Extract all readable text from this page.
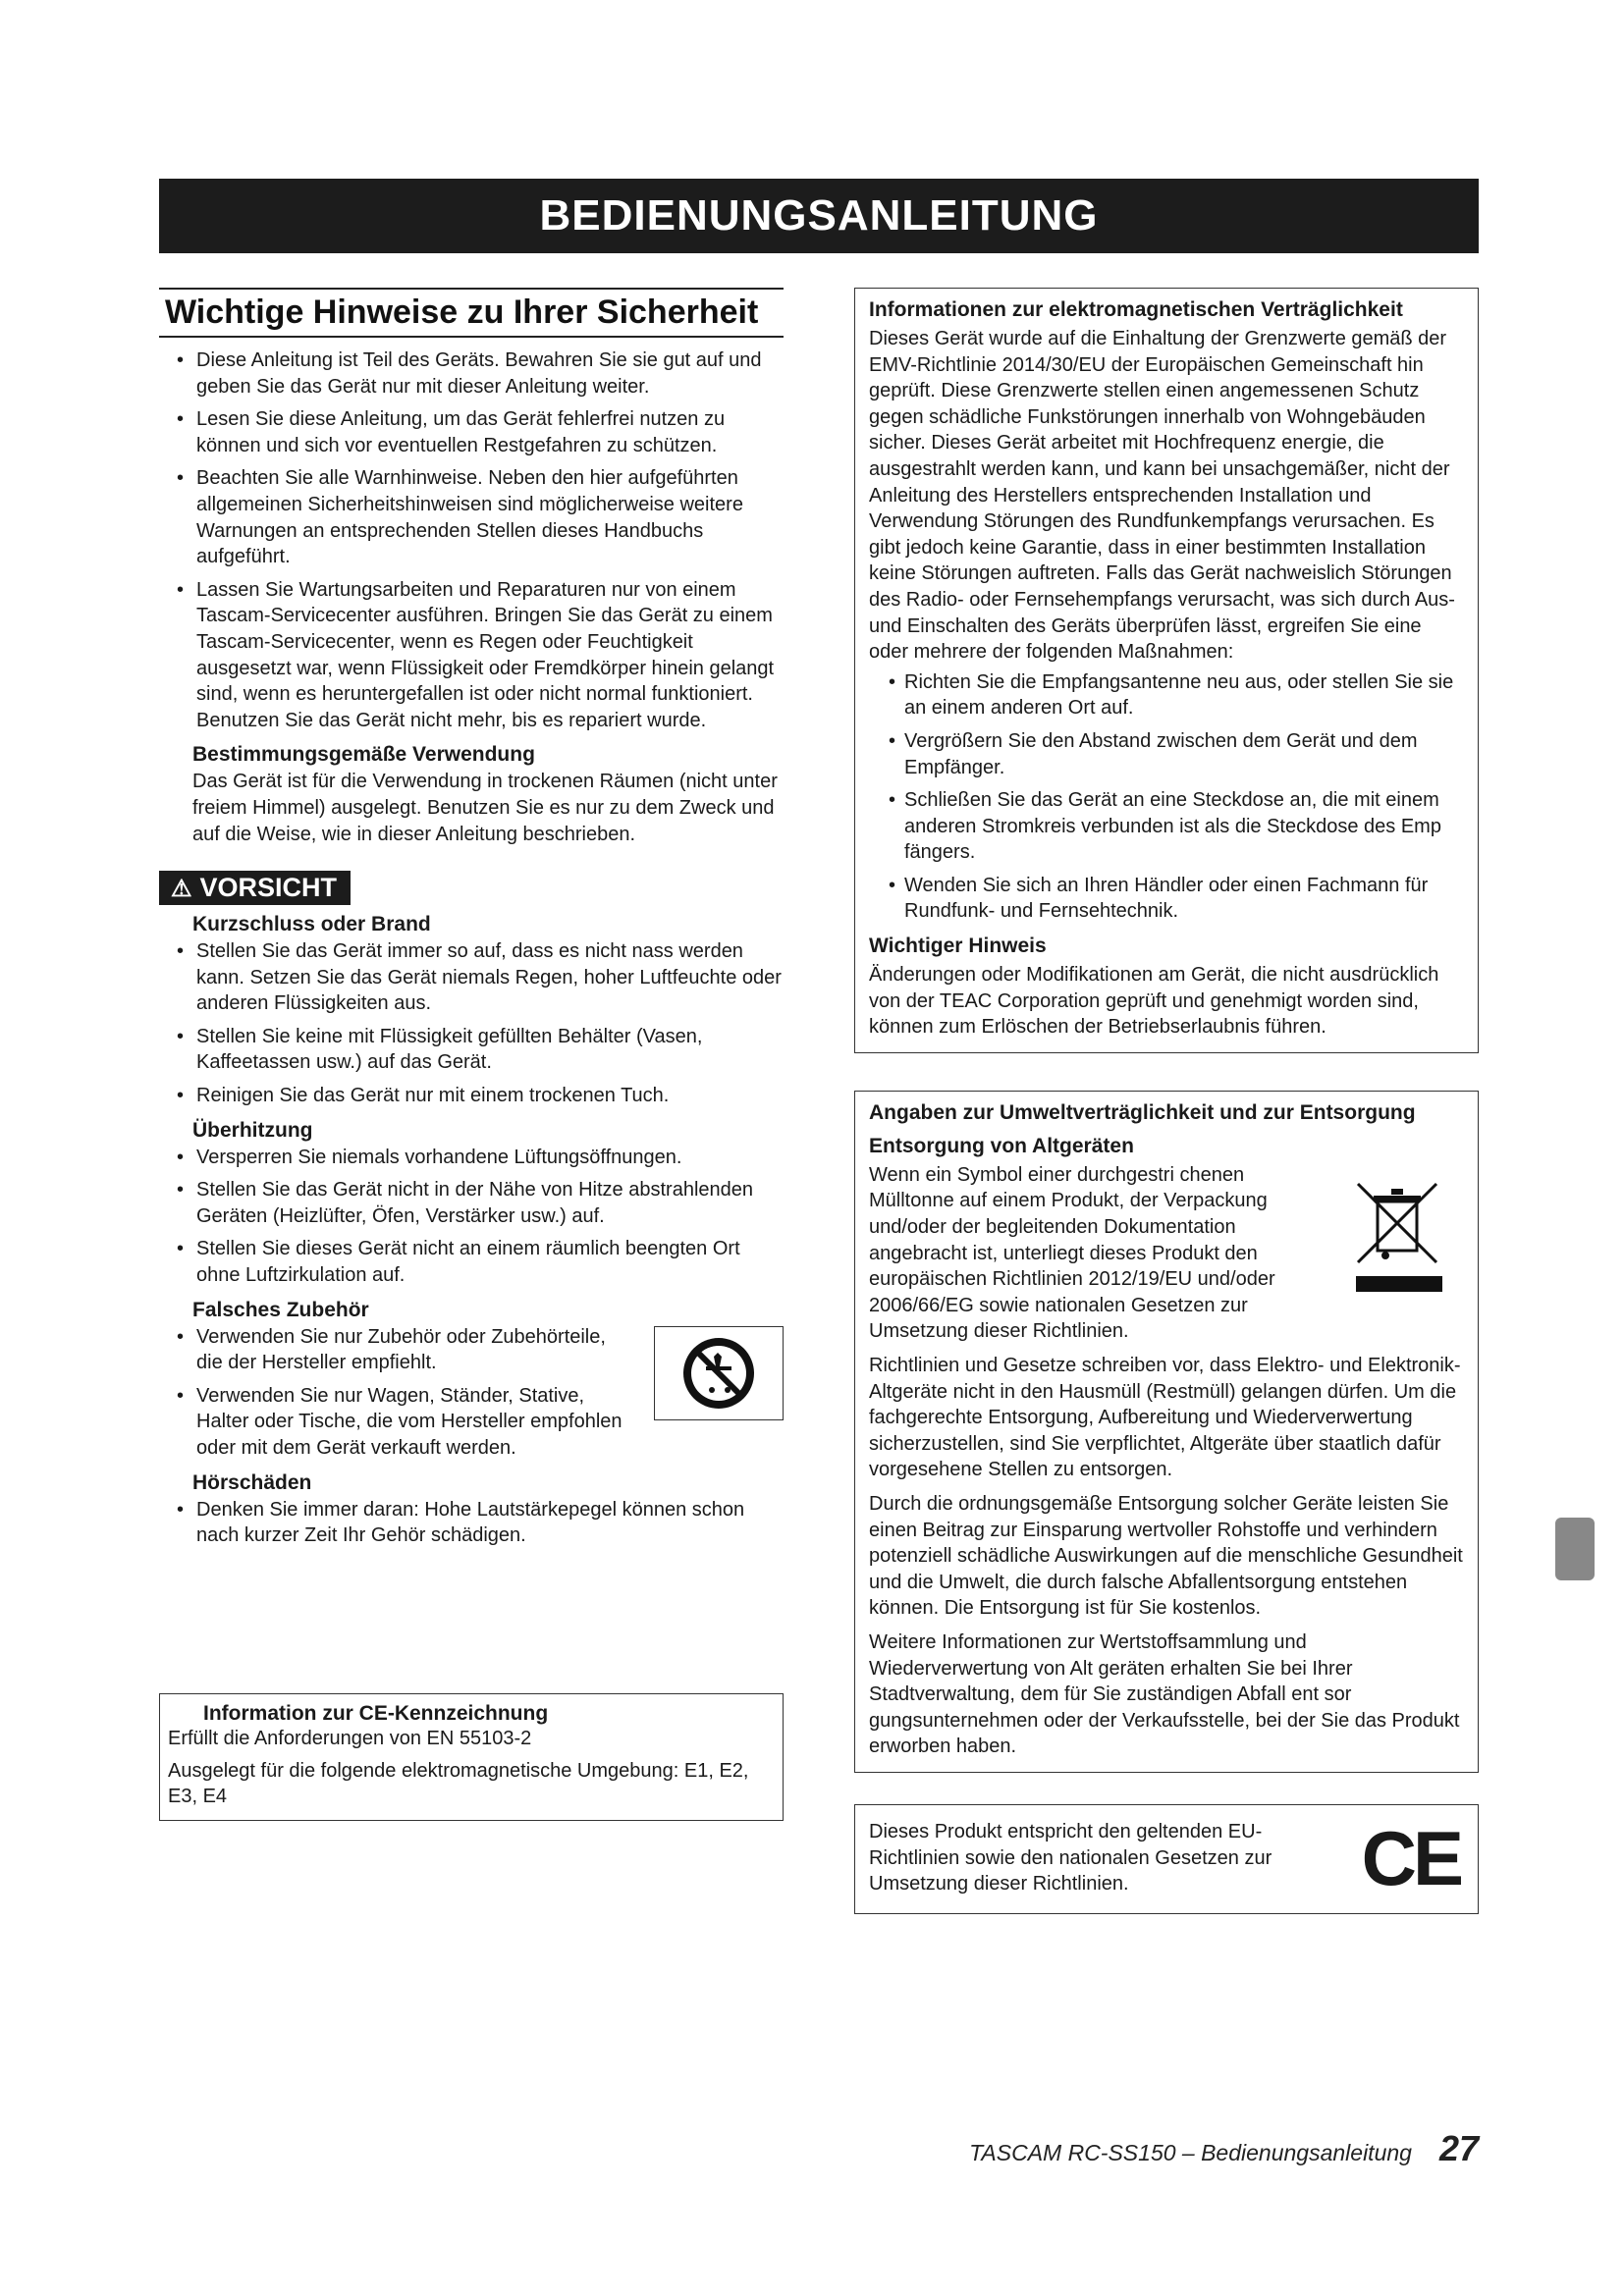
BEDIENUNGSANLEITUNG
Wichtige Hinweise zu Ihrer Sicherheit
• Diese Anleitung ist Teil des Geräts. Bewahren Sie sie gut auf und geben Sie das Gerät nur mit dieser Anleitung weiter.
• Lesen Sie diese Anleitung, um das Gerät fehlerfrei nutzen zu können und sich vor eventuellen Restgefahren zu schützen.
• Beachten Sie alle Warnhinweise. Neben den hier aufgeführten allgemeinen Sicherheitshinweisen sind möglicherweise weitere Warnungen an entsprechenden Stellen dieses Handbuchs aufgeführt.
• Lassen Sie Wartungsarbeiten und Reparaturen nur von einem Tascam-Servicecenter ausführen. Bringen Sie das Gerät zu einem Tascam-Servicecenter, wenn es Regen oder Feuchtigkeit ausgesetzt war, wenn Flüssigkeit oder Fremdkörper hinein gelangt sind, wenn es heruntergefallen ist oder nicht normal funktioniert. Benutzen Sie das Gerät nicht mehr, bis es repariert wurde.
Bestimmungsgemäße Verwendung
Das Gerät ist für die Verwendung in trockenen Räumen (nicht unter freiem Himmel) ausgelegt. Benutzen Sie es nur zu dem Zweck und auf die Weise, wie in dieser Anleitung beschrieben.
⚠ VORSICHT
Kurzschluss oder Brand
• Stellen Sie das Gerät immer so auf, dass es nicht nass werden kann. Setzen Sie das Gerät niemals Regen, hoher Luftfeuchte oder anderen Flüssigkeiten aus.
• Stellen Sie keine mit Flüssigkeit gefüllten Behälter (Vasen, Kaffeetassen usw.) auf das Gerät.
• Reinigen Sie das Gerät nur mit einem trockenen Tuch.
Überhitzung
• Versperren Sie niemals vorhandene Lüftungsöffnungen.
• Stellen Sie das Gerät nicht in der Nähe von Hitze abstrahlenden Geräten (Heizlüfter, Öfen, Verstärker usw.) auf.
• Stellen Sie dieses Gerät nicht an einem räumlich beengten Ort ohne Luftzirkulation auf.
Falsches Zubehör
• Verwenden Sie nur Zubehör oder Zubehörteile, die der Hersteller empfiehlt.
• Verwenden Sie nur Wagen, Ständer, Stative, Halter oder Tische, die vom Hersteller empfohlen oder mit dem Gerät verkauft werden.
Hörschäden
• Denken Sie immer daran: Hohe Lautstärkepegel können schon nach kurzer Zeit Ihr Gehör schädigen.
Information zur CE-Kennzeichnung
Erfüllt die Anforderungen von EN 55103-2
Ausgelegt für die folgende elektromagnetische Umgebung: E1, E2, E3, E4
Informationen zur elektromagnetischen Verträglichkeit
Dieses Gerät wurde auf die Einhaltung der Grenzwerte gemäß der EMV-Richtlinie 2014/30/EU der Europäischen Gemeinschaft hin geprüft. Diese Grenzwerte stellen einen angemessenen Schutz gegen schädliche Funkstörungen innerhalb von Wohngebäuden sicher. Dieses Gerät arbeitet mit Hochfrequenz energie, die ausgestrahlt werden kann, und kann bei unsachgemäßer, nicht der Anleitung des Herstellers entsprechenden Installation und Verwendung Störungen des Rundfunkempfangs verursachen. Es gibt jedoch keine Garantie, dass in einer bestimmten Installation keine Störungen auftreten. Falls das Gerät nachweislich Störungen des Radio- oder Fernsehempfangs verursacht, was sich durch Aus- und Einschalten des Geräts überprüfen lässt, ergreifen Sie eine oder mehrere der folgenden Maßnahmen:
• Richten Sie die Empfangsantenne neu aus, oder stellen Sie sie an einem anderen Ort auf.
• Vergrößern Sie den Abstand zwischen dem Gerät und dem Empfänger.
• Schließen Sie das Gerät an eine Steckdose an, die mit einem anderen Stromkreis verbunden ist als die Steckdose des Emp fängers.
• Wenden Sie sich an Ihren Händler oder einen Fachmann für Rundfunk- und Fernsehtechnik.
Wichtiger Hinweis
Änderungen oder Modifikationen am Gerät, die nicht ausdrücklich von der TEAC Corporation geprüft und genehmigt worden sind, können zum Erlöschen der Betriebserlaubnis führen.
Angaben zur Umweltverträglichkeit und zur Entsorgung
Entsorgung von Altgeräten
Wenn ein Symbol einer durchgestri chenen Mülltonne auf einem Produkt, der Verpackung und/oder der begleitenden Dokumentation angebracht ist, unterliegt dieses Produkt den europäischen Richtlinien 2012/19/EU und/oder 2006/66/EG sowie nationalen Gesetzen zur Umsetzung dieser Richtlinien.
Richtlinien und Gesetze schreiben vor, dass Elektro- und Elektronik-Altgeräte nicht in den Hausmüll (Restmüll) gelangen dürfen. Um die fachgerechte Entsorgung, Aufbereitung und Wiederverwertung sicherzustellen, sind Sie verpflichtet, Altgeräte über staatlich dafür vorgesehene Stellen zu entsorgen.
Durch die ordnungsgemäße Entsorgung solcher Geräte leisten Sie einen Beitrag zur Einsparung wertvoller Rohstoffe und verhindern potenziell schädliche Auswirkungen auf die menschliche Gesundheit und die Umwelt, die durch falsche Abfallentsorgung entstehen können. Die Entsorgung ist für Sie kostenlos.
Weitere Informationen zur Wertstoffsammlung und Wiederverwertung von Alt geräten erhalten Sie bei Ihrer Stadtverwaltung, dem für Sie zuständigen Abfall ent sor gungsunternehmen oder der Verkaufsstelle, bei der Sie das Produkt erworben haben.
Dieses Produkt entspricht den geltenden EU-Richtlinien sowie den nationalen Gesetzen zur Umsetzung dieser Richtlinien.	CE
TASCAM RC-SS150 – Bedienungsanleitung 27
